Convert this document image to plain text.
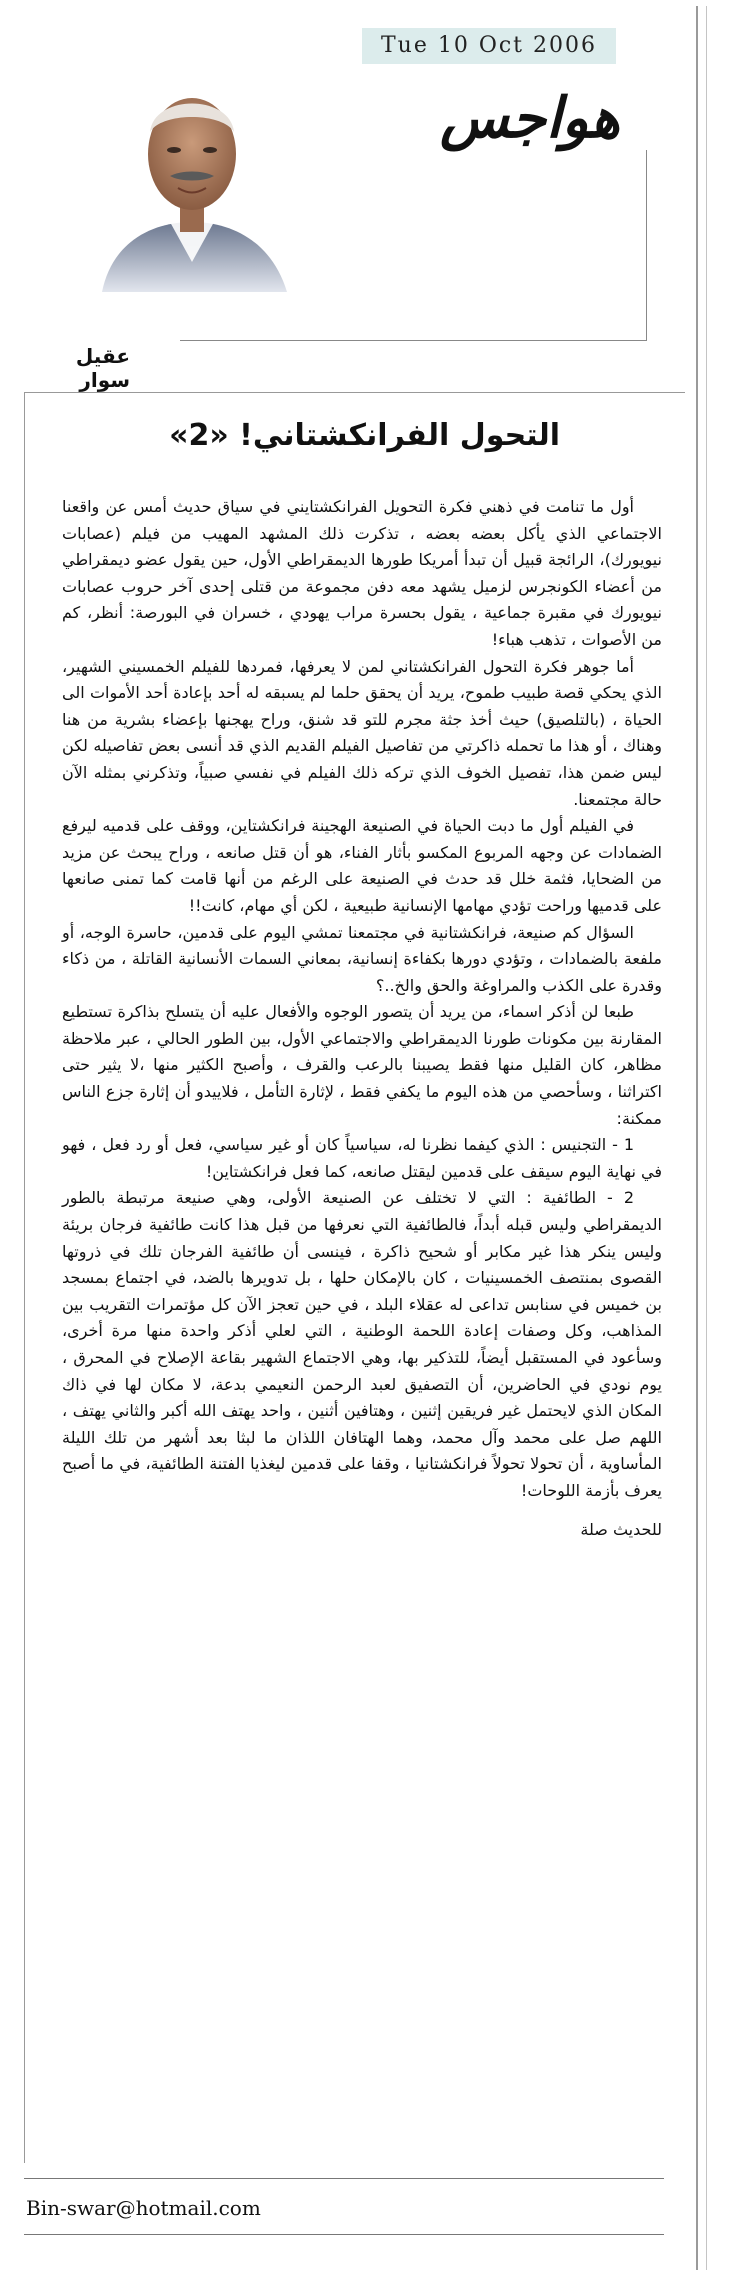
Tue 10 Oct 2006
هواجس
عقيل سوار
التحول الفرانكشتاني! «2»

أول ما تنامت في ذهني فكرة التحويل الفرانكشتايني في سياق حديث أمس عن واقعنا الاجتماعي الذي يأكل بعضه بعضه ، تذكرت ذلك المشهد المهيب من فيلم (عصابات نيويورك)، الرائجة قبيل أن تبدأ أمريكا طورها الديمقراطي الأول، حين يقول عضو ديمقراطي من أعضاء الكونجرس لزميل يشهد معه دفن مجموعة من قتلى إحدى آخر حروب عصابات نيويورك في مقبرة جماعية ، يقول بحسرة مراب يهودي ، خسران في البورصة: أنظر، كم من الأصوات ، تذهب هباء!

أما جوهر فكرة التحول الفرانكشتاني لمن لا يعرفها، فمردها للفيلم الخمسيني الشهير، الذي يحكي قصة طبيب طموح، يريد أن يحقق حلما لم يسبقه له أحد بإعادة أحد الأموات الى الحياة ، (بالتلصيق) حيث أخذ جثة مجرم للتو قد شنق، وراح يهجنها بإعضاء بشرية من هنا وهناك ، أو هذا ما تحمله ذاكرتي من تفاصيل الفيلم القديم الذي قد أنسى بعض تفاصيله لكن ليس ضمن هذا، تفصيل الخوف الذي تركه ذلك الفيلم في نفسي صبياً، وتذكرني بمثله الآن حالة مجتمعنا.

في الفيلم أول ما دبت الحياة في الصنيعة الهجينة فرانكشتاين، ووقف على قدميه ليرفع الضمادات عن وجهه المربوع المكسو بأثار الفناء، هو أن قتل صانعه ، وراح يبحث عن مزيد من الضحايا، فثمة خلل قد حدث في الصنيعة على الرغم من أنها قامت كما تمنى صانعها على قدميها وراحت تؤدي مهامها الإنسانية طبيعية ، لكن أي مهام، كانت!!

السؤال كم صنيعة، فرانكشتانية في مجتمعنا تمشي اليوم على قدمين، حاسرة الوجه، أو ملفعة بالضمادات ، وتؤدي دورها بكفاءة إنسانية، بمعاني السمات الأنسانية القاتلة ، من ذكاء وقدرة على الكذب والمراوغة والحق والخ..؟

طبعا لن أذكر اسماء، من يريد أن يتصور الوجوه والأفعال عليه أن يتسلح بذاكرة تستطيع المقارنة بين مكونات طورنا الديمقراطي والاجتماعي الأول، بين الطور الحالي ، عبر ملاحظة مظاهر، كان القليل منها فقط يصيبنا بالرعب والقرف ، وأصبح الكثير منها ،لا يثير حتى اكتراثنا ، وسأحصي من هذه اليوم ما يكفي فقط ، لإثارة التأمل ، فلاييدو أن إثارة جزع الناس ممكنة:

1 - التجنيس : الذي كيفما نظرنا له، سياسياً كان أو غير سياسي، فعل أو رد فعل ، فهو في نهاية اليوم سيقف على قدمين ليقتل صانعه، كما فعل فرانكشتاين!

2 - الطائفية : التي لا تختلف عن الصنيعة الأولى، وهي صنيعة مرتبطة بالطور الديمقراطي وليس قبله أبداً، فالطائفية التي نعرفها من قبل هذا كانت طائفية فرجان بريئة وليس ينكر هذا غير مكابر أو شحيح ذاكرة ، فينسى أن طائفية الفرجان تلك في ذروتها القصوى بمنتصف الخمسينيات ، كان بالإمكان حلها ، بل تدويرها بالضد، في اجتماع بمسجد بن خميس في سنابس تداعى له عقلاء البلد ، في حين تعجز الآن كل مؤتمرات التقريب بين المذاهب، وكل وصفات إعادة اللحمة الوطنية ، التي لعلي أذكر واحدة منها مرة أخرى، وسأعود في المستقبل أيضاً، للتذكير بها، وهي الاجتماع الشهير بقاعة الإصلاح في المحرق ، يوم نودي في الحاضرين، أن التصفيق لعبد الرحمن النعيمي بدعة، لا مكان لها في ذاك المكان الذي لايحتمل غير فريقين إثنين ، وهتافين أثنين ، واحد يهتف الله أكبر والثاني يهتف ، اللهم صل على محمد وآل محمد، وهما الهتافان اللذان ما لبثا بعد أشهر من تلك الليلة المأساوية ، أن تحولا تحولاً فرانكشتانيا ، وقفا على قدمين ليغذيا الفتنة الطائفية، في ما أصبح يعرف بأزمة اللوحات!

للحديث صلة

Bin-swar@hotmail.com
